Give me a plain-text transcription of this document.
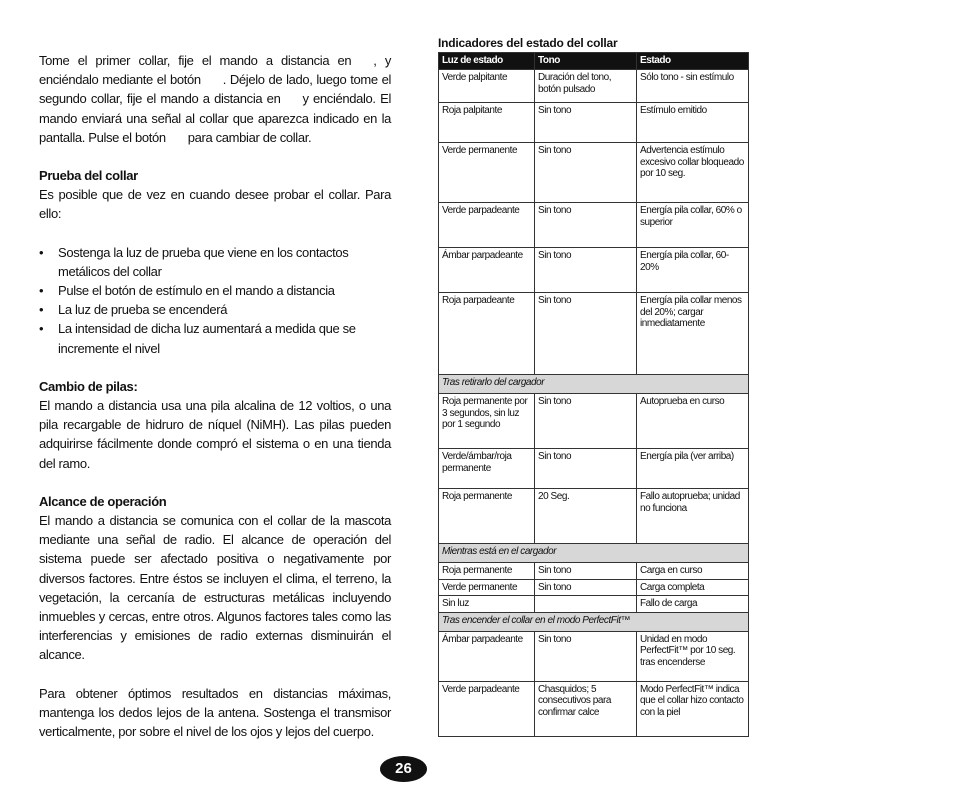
Tome el primer collar, fije el mando a distancia en , y enciéndalo mediante el botón . Déjelo de lado, luego tome el segundo collar, fije el mando a distancia en y enciéndalo. El mando enviará una señal al collar que aparezca indicado en la pantalla. Pulse el botón para cambiar de collar.

Prueba del collar

Es posible que de vez en cuando desee probar el collar. Para ello:

• Sostenga la luz de prueba que viene en los contactos metálicos del collar
• Pulse el botón de estímulo en el mando a distancia
• La luz de prueba se encenderá
• La intensidad de dicha luz aumentará a medida que se incremente el nivel
Cambio de pilas:

El mando a distancia usa una pila alcalina de 12 voltios, o una pila recargable de hidruro de níquel (NiMH). Las pilas pueden adquirirse fácilmente donde compró el sistema o en una tienda del ramo.

Alcance de operación

El mando a distancia se comunica con el collar de la mascota mediante una señal de radio. El alcance de operación del sistema puede ser afectado positiva o negativamente por diversos factores. Entre éstos se incluyen el clima, el terreno, la vegetación, la cercanía de estructuras metálicas incluyendo inmuebles y cercas, entre otros. Algunos factores tales como las interferencias y emisiones de radio externas disminuirán el alcance.

Para obtener óptimos resultados en distancias máximas, mantenga los dedos lejos de la antena. Sostenga el transmisor verticalmente, por sobre el nivel de los ojos y lejos del cuerpo.

Indicadores del estado del collar
Luz de estado	Tono	Estado
Verde palpitante	Duración del tono, botón pulsado	Sólo tono - sin estímulo
Roja palpitante	Sin tono	Estímulo emitido
Verde permanente	Sin tono	Advertencia estímulo excesivo collar bloqueado por 10 seg.
Verde parpadeante	Sin tono	Energía pila collar, 60% o superior
Ámbar parpadeante	Sin tono	Energía pila collar, 60-20%
Roja parpadeante	Sin tono	Energía pila collar menos del 20%; cargar inmediatamente
Tras retirarlo del cargador		
Roja permanente por 3 segundos, sin luz por 1 segundo	Sin tono	Autoprueba en curso
Verde/ámbar/roja permanente	Sin tono	Energía pila (ver arriba)
Roja permanente	20 Seg.	Fallo autoprueba; unidad no funciona
Mientras está en el cargador		
Roja permanente	Sin tono	Carga en curso
Verde permanente	Sin tono	Carga completa
Sin luz		Fallo de carga
Tras encender el collar en el modo PerfectFit™		
Ámbar parpadeante	Sin tono	Unidad en modo PerfectFit™ por 10 seg. tras encenderse
Verde parpadeante	Chasquidos; 5 consecutivos para confirmar calce	Modo PerfectFit™ indica que el collar hizo contacto con la piel
26
